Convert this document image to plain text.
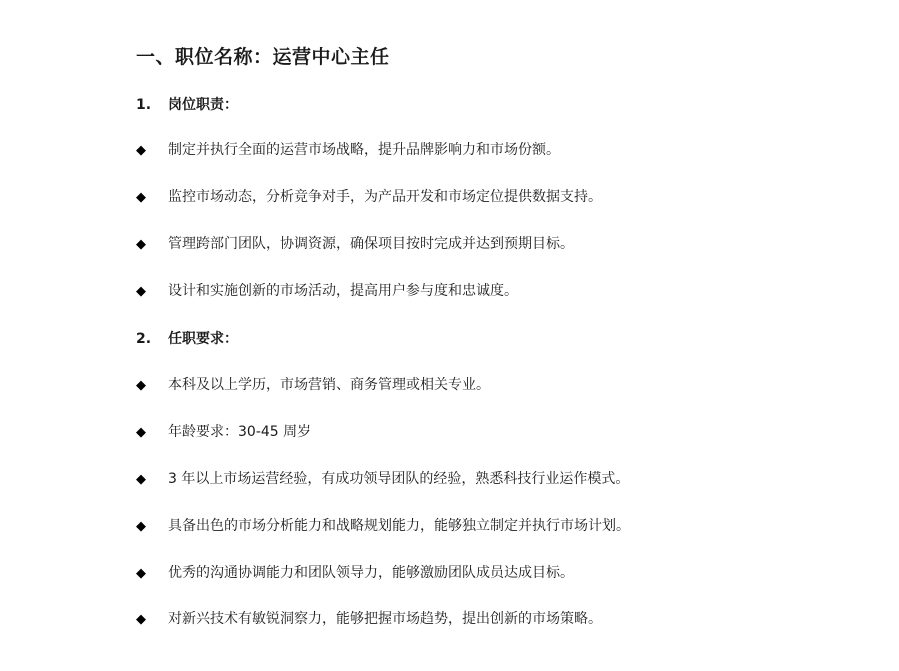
一、职位名称：运营中心主任
1. 岗位职责：
◆ 制定并执行全面的运营市场战略，提升品牌影响力和市场份额。
◆ 监控市场动态，分析竞争对手，为产品开发和市场定位提供数据支持。
◆ 管理跨部门团队，协调资源，确保项目按时完成并达到预期目标。
◆ 设计和实施创新的市场活动，提高用户参与度和忠诚度。
2. 任职要求：
◆ 本科及以上学历，市场营销、商务管理或相关专业。
◆ 年龄要求：30-45 周岁
◆ 3 年以上市场运营经验，有成功领导团队的经验，熟悉科技行业运作模式。
◆ 具备出色的市场分析能力和战略规划能力，能够独立制定并执行市场计划。
◆ 优秀的沟通协调能力和团队领导力，能够激励团队成员达成目标。
◆ 对新兴技术有敏锐洞察力，能够把握市场趋势，提出创新的市场策略。
